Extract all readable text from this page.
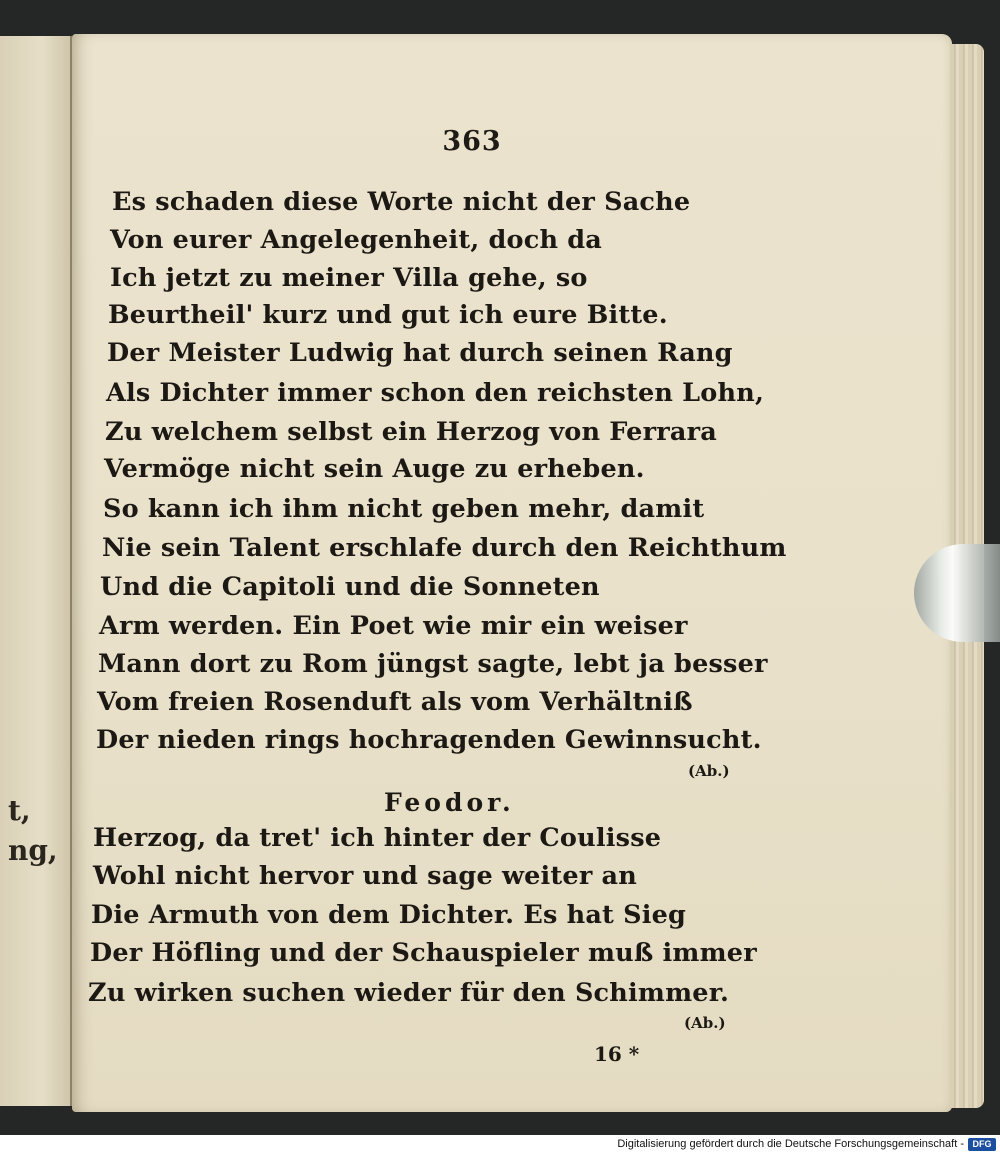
t,
ng,
363
Es schaden diese Worte nicht der Sache
Von eurer Angelegenheit, doch da
Ich jetzt zu meiner Villa gehe, so
Beurtheil' kurz und gut ich eure Bitte.
Der Meister Ludwig hat durch seinen Rang
Als Dichter immer schon den reichsten Lohn,
Zu welchem selbst ein Herzog von Ferrara
Vermöge nicht sein Auge zu erheben.
So kann ich ihm nicht geben mehr, damit
Nie sein Talent erschlafe durch den Reichthum
Und die Capitoli und die Sonneten
Arm werden. Ein Poet wie mir ein weiser
Mann dort zu Rom jüngst sagte, lebt ja besser
Vom freien Rosenduft als vom Verhältniß
Der nieden rings hochragenden Gewinnsucht.
(Ab.)
Feodor.
Herzog, da tret' ich hinter der Coulisse
Wohl nicht hervor und sage weiter an
Die Armuth von dem Dichter. Es hat Sieg
Der Höfling und der Schauspieler muß immer
Zu wirken suchen wieder für den Schimmer.
(Ab.)
16 *
Digitalisierung gefördert durch die Deutsche Forschungsgemeinschaft - DFG
